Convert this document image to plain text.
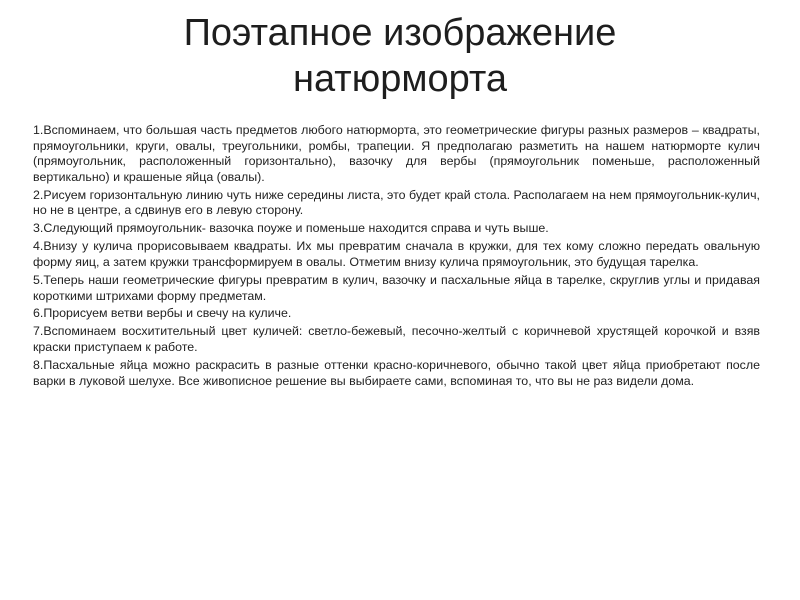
Поэтапное изображение
натюрморта

1.Вспоминаем, что большая часть предметов любого натюрморта, это геометрические фигуры разных размеров – квадраты, прямоугольники, круги, овалы, треугольники, ромбы, трапеции. Я предполагаю разметить на нашем натюрморте кулич (прямоугольник, расположенный горизонтально), вазочку для вербы (прямоугольник поменьше, расположенный вертикально) и крашеные яйца (овалы).

2.Рисуем горизонтальную линию чуть ниже середины листа, это будет край стола. Располагаем на нем прямоугольник-кулич, но не в центре, а сдвинув его в левую сторону.

3.Следующий прямоугольник- вазочка поуже и поменьше находится справа и чуть выше.

4.Внизу у кулича прорисовываем квадраты. Их мы превратим сначала в кружки, для тех кому сложно передать овальную форму яиц, а затем кружки трансформируем в овалы. Отметим внизу кулича прямоугольник, это будущая тарелка.

5.Теперь наши геометрические фигуры превратим в кулич, вазочку и пасхальные яйца в тарелке, скруглив углы и придавая короткими штрихами форму предметам.

6.Прорисуем ветви вербы и свечу на куличе.

7.Вспоминаем восхитительный цвет куличей: светло-бежевый, песочно-желтый с коричневой хрустящей корочкой и взяв краски приступаем к работе.

8.Пасхальные яйца можно раскрасить в разные оттенки красно-коричневого, обычно такой цвет яйца приобретают после варки в луковой шелухе. Все живописное решение вы выбираете сами, вспоминая то, что вы не раз видели дома.
